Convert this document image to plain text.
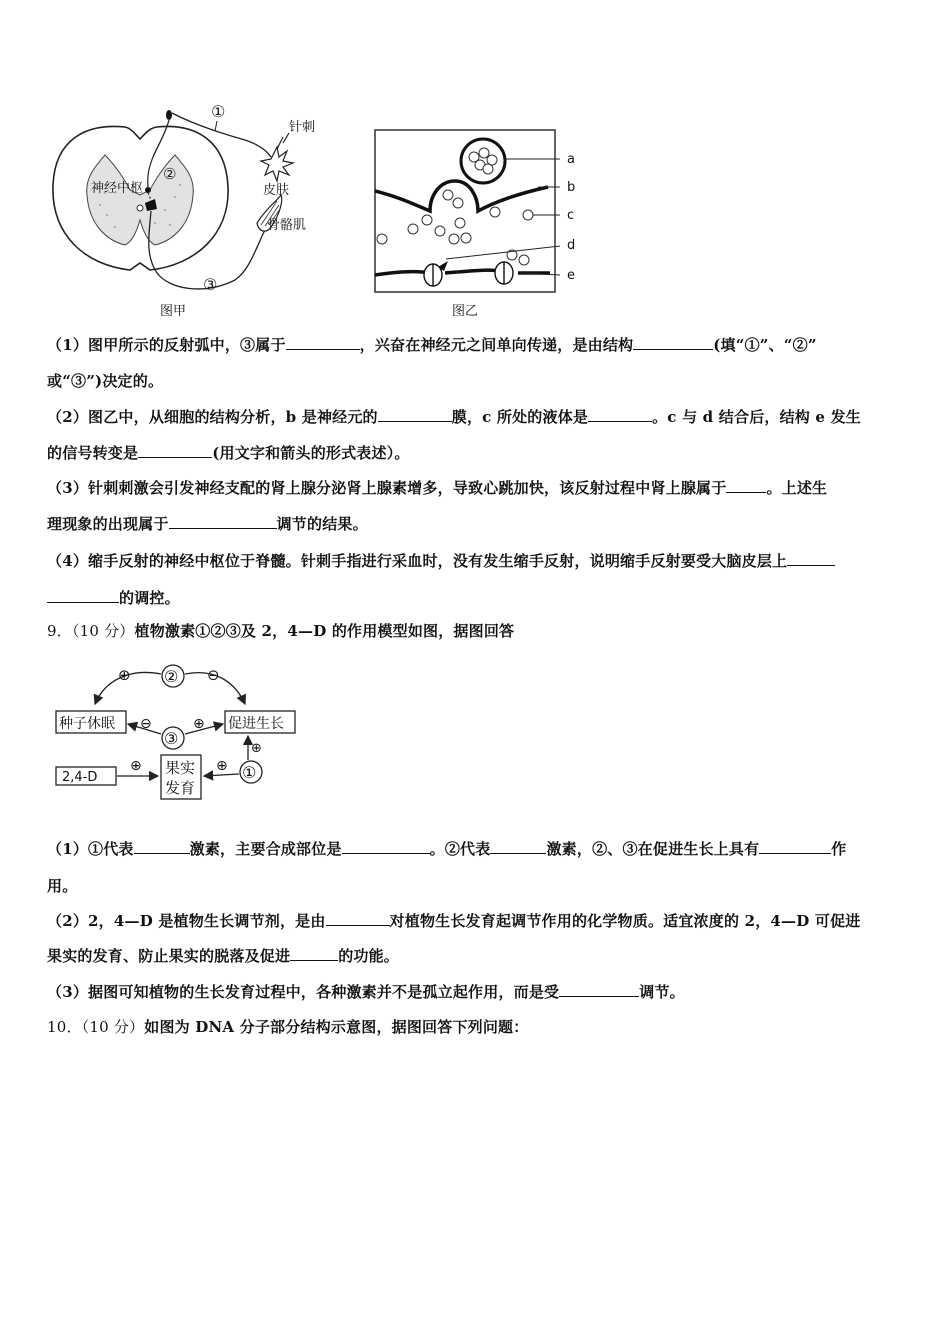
神经中枢
①
②
③
针刺
皮肤
骨骼肌
图甲
a
b
c
d
e
图乙
（1）图甲所示的反射弧中，③属于	，兴奋在神经元之间单向传递，是由结构	(填“①”、“②”
或“③”)决定的。
（2）图乙中，从细胞的结构分析，b 是神经元的	膜，c 所处的液体是	。c 与 d 结合后，结构 e 发生
的信号转变是	(用文字和箭头的形式表述）。
（3）针刺刺激会引发神经支配的肾上腺分泌肾上腺素增多，导致心跳加快，该反射过程中肾上腺属于	。上述生
理现象的出现属于	调节的结果。
（4）缩手反射的神经中枢位于脊髓。针刺手指进行采血时，没有发生缩手反射，说明缩手反射要受大脑皮层上
的调控。
9．（10 分）植物激素①②③及 2，4—D 的作用模型如图，据图回答
②
⊕	⊖
种子休眠	促进生长
③
⊖	⊕
果实
发育
2,4-D
⊕	①
⊕
⊕
（1）①代表	激素，主要合成部位是	。②代表	激素，②、③在促进生长上具有	作
用。
（2）2，4—D 是植物生长调节剂，是由	对植物生长发育起调节作用的化学物质。适宜浓度的 2，4—D 可促进
果实的发育、防止果实的脱落及促进	的功能。
（3）据图可知植物的生长发育过程中，各种激素并不是孤立起作用，而是受	调节。
10．（10 分）如图为 DNA 分子部分结构示意图，据图回答下列问题：
